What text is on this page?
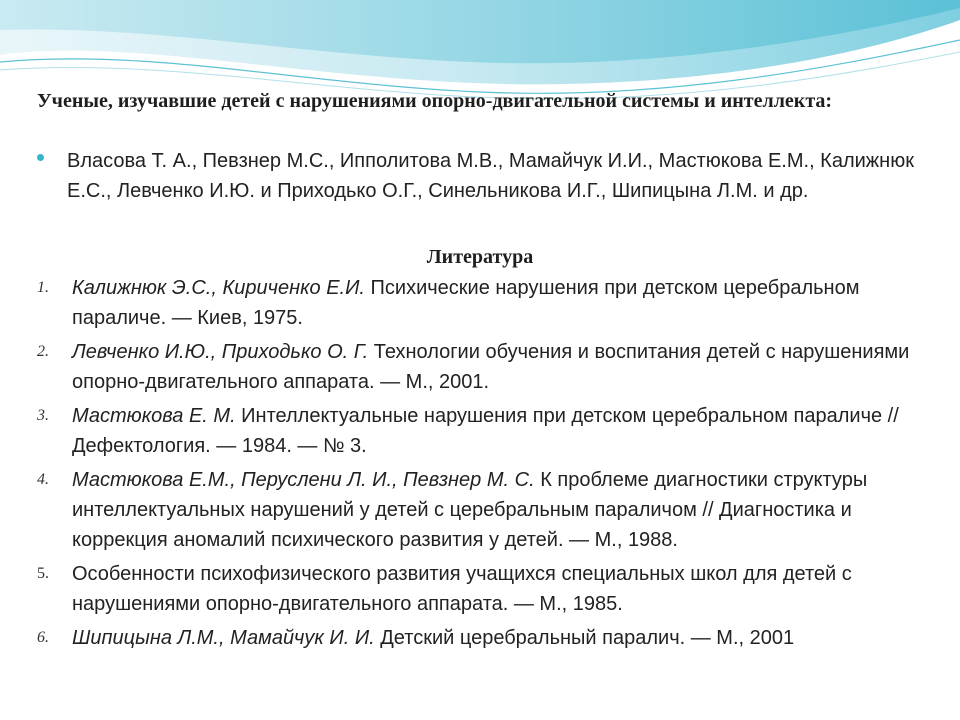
Ученые, изучавшие детей с нарушениями опорно-двигательной системы и интеллекта:
Власова Т. А., Певзнер М.С., Ипполитова М.В., Мамайчук И.И., Мастюкова Е.М., Калижнюк Е.С., Левченко И.Ю. и Приходько О.Г., Синельникова И.Г., Шипицына Л.М. и др.
Литература
1.	Калижнюк Э.С., Кириченко Е.И. Психические нарушения при детском церебральном параличе. — Киев, 1975.
2.	Левченко И.Ю., Приходько О. Г. Технологии обучения и воспитания детей с нарушениями опорно-двигательного аппарата. — М., 2001.
3.	Мастюкова Е. М. Интеллектуальные нарушения при детском церебральном параличе //Дефектология. — 1984. — № 3.
4.	Мастюкова Е.М., Перуслени Л. И., Певзнер М. С. К проблеме диагностики структуры интеллектуальных нарушений у детей с церебральным параличом // Диагностика и коррекция аномалий психического развития у детей. — М., 1988.
5.	Особенности психофизического развития учащихся специальных школ для детей с нарушениями опорно-двигательного аппарата. — М., 1985.
6.	Шипицына Л.М., Мамайчук И. И. Детский церебральный паралич. — М., 2001
